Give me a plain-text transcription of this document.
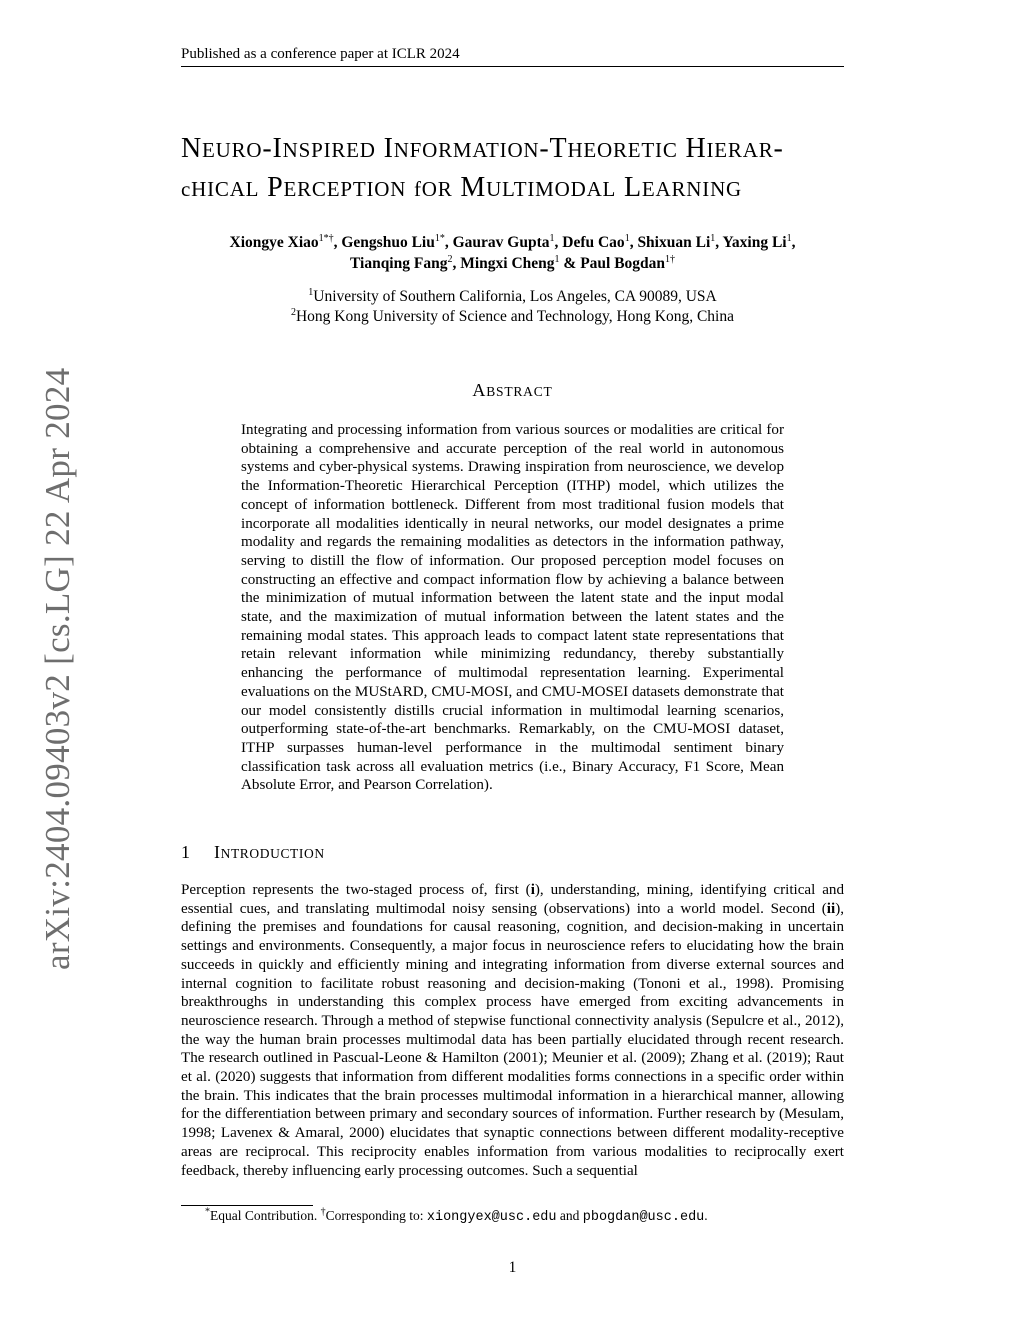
Published as a conference paper at ICLR 2024
arXiv:2404.09403v2 [cs.LG] 22 Apr 2024
NEURO-INSPIRED INFORMATION-THEORETIC HIERAR-
cHICAL PERCEPTION fOR MULTIMODAL LEARNING
Xiongye Xiao$^{1*\dagger}$, Gengshuo Liu$^{1*}$, Gaurav Gupta$^1$, Defu Cao$^1$, Shixuan Li$^1$, Yaxing Li$^1$,
Tianqing Fang$^2$, Mingxi Cheng$^1$ & Paul Bogdan$^{1\dagger}$
$^1$University of Southern California, Los Angeles, CA 90089, USA
$^2$Hong Kong University of Science and Technology, Hong Kong, China
ABSTRACT
Integrating and processing information from various sources or modalities are critical for obtaining a comprehensive and accurate perception of the real world in autonomous systems and cyber-physical systems. Drawing inspiration from neuroscience, we develop the Information-Theoretic Hierarchical Perception (ITHP) model, which utilizes the concept of information bottleneck. Different from most traditional fusion models that incorporate all modalities identically in neural networks, our model designates a prime modality and regards the remaining modalities as detectors in the information pathway, serving to distill the flow of information. Our proposed perception model focuses on constructing an effective and compact information flow by achieving a balance between the minimization of mutual information between the latent state and the input modal state, and the maximization of mutual information between the latent states and the remaining modal states. This approach leads to compact latent state representations that retain relevant information while minimizing redundancy, thereby substantially enhancing the performance of multimodal representation learning. Experimental evaluations on the MUStARD, CMU-MOSI, and CMU-MOSEI datasets demonstrate that our model consistently distills crucial information in multimodal learning scenarios, outperforming state-of-the-art benchmarks. Remarkably, on the CMU-MOSI dataset, ITHP surpasses human-level performance in the multimodal sentiment binary classification task across all evaluation metrics (i.e., Binary Accuracy, F1 Score, Mean Absolute Error, and Pearson Correlation).
1 INTRODUCTION
Perception represents the two-staged process of, first (i), understanding, mining, identifying critical and essential cues, and translating multimodal noisy sensing (observations) into a world model. Second (ii), defining the premises and foundations for causal reasoning, cognition, and decision-making in uncertain settings and environments. Consequently, a major focus in neuroscience refers to elucidating how the brain succeeds in quickly and efficiently mining and integrating information from diverse external sources and internal cognition to facilitate robust reasoning and decision-making (Tononi et al., 1998). Promising breakthroughs in understanding this complex process have emerged from exciting advancements in neuroscience research. Through a method of stepwise functional connectivity analysis (Sepulcre et al., 2012), the way the human brain processes multimodal data has been partially elucidated through recent research. The research outlined in Pascual-Leone & Hamilton (2001); Meunier et al. (2009); Zhang et al. (2019); Raut et al. (2020) suggests that information from different modalities forms connections in a specific order within the brain. This indicates that the brain processes multimodal information in a hierarchical manner, allowing for the differentiation between primary and secondary sources of information. Further research by (Mesulam, 1998; Lavenex & Amaral, 2000) elucidates that synaptic connections between different modality-receptive areas are reciprocal. This reciprocity enables information from various modalities to reciprocally exert feedback, thereby influencing early processing outcomes. Such a sequential
*Equal Contribution. †Corresponding to: xiongyex@usc.edu and pbogdan@usc.edu.
1
